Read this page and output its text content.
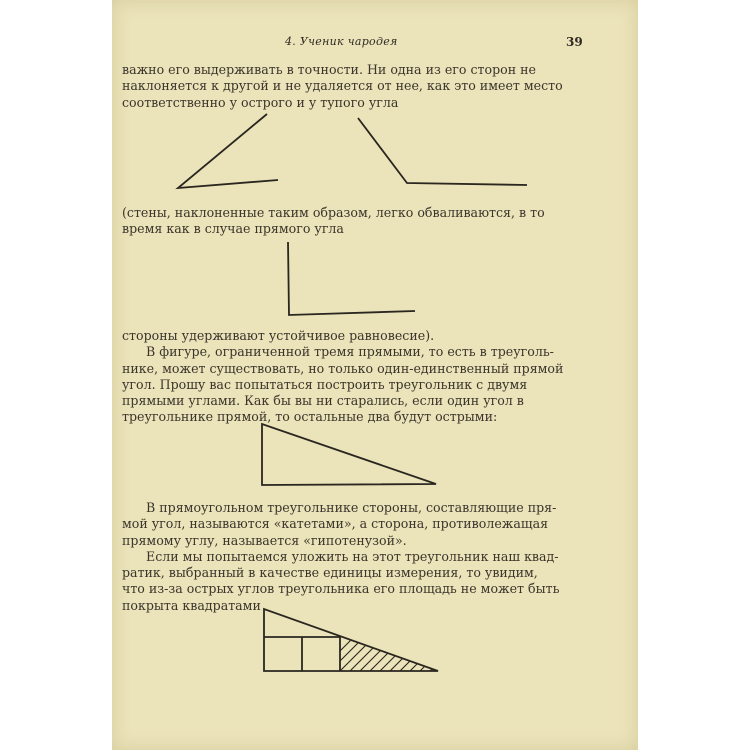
4. Ученик чародея	39
важно его выдерживать в точности. Ни одна из его сторон не
наклоняется к другой и не удаляется от нее, как это имеет место
соответственно у острого и у тупого угла
(стены, наклоненные таким образом, легко обваливаются, в то
время как в случае прямого угла
стороны удерживают устойчивое равновесие).
В фигуре, ограниченной тремя прямыми, то есть в треуголь-
нике, может существовать, но только один-единственный прямой
угол. Прошу вас попытаться построить треугольник с двумя
прямыми углами. Как бы вы ни старались, если один угол в
треугольнике прямой, то остальные два будут острыми:
В прямоугольном треугольнике стороны, составляющие пря-
мой угол, называются «катетами», а сторона, противолежащая
прямому углу, называется «гипотенузой».
Если мы попытаемся уложить на этот треугольник наш квад-
ратик, выбранный в качестве единицы измерения, то увидим,
что из-за острых углов треугольника его площадь не может быть
покрыта квадратами
